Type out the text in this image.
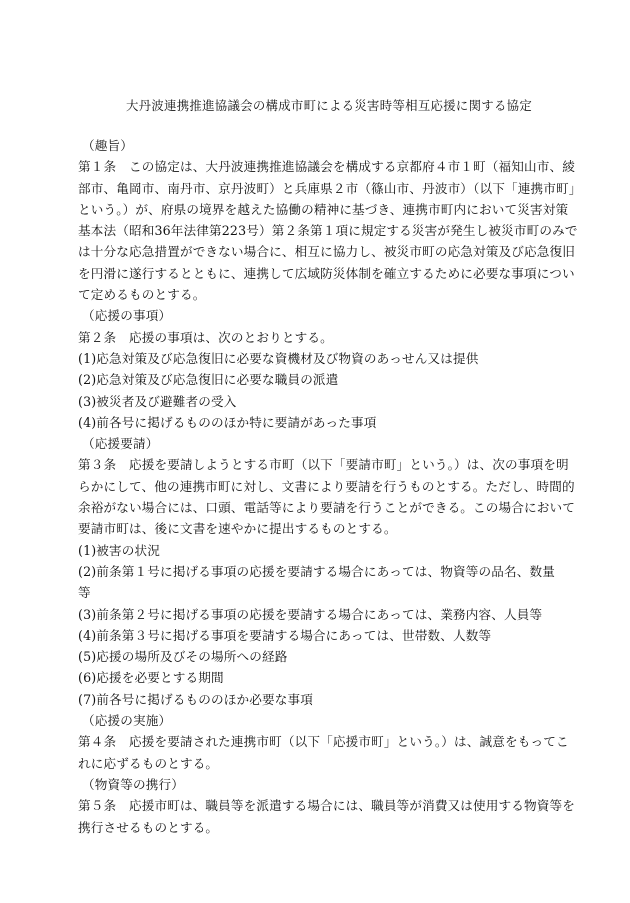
大丹波連携推進協議会の構成市町による災害時等相互応援に関する協定
（趣旨）
第１条　この協定は、大丹波連携推進協議会を構成する京都府４市１町（福知山市、綾
部市、亀岡市、南丹市、京丹波町）と兵庫県２市（篠山市、丹波市）（以下「連携市町」
という。）が、府県の境界を越えた協働の精神に基づき、連携市町内において災害対策
基本法（昭和36年法律第223号）第２条第１項に規定する災害が発生し被災市町のみで
は十分な応急措置ができない場合に、相互に協力し、被災市町の応急対策及び応急復旧
を円滑に遂行するとともに、連携して広域防災体制を確立するために必要な事項につい
て定めるものとする。
（応援の事項）
第２条　応援の事項は、次のとおりとする。
(1)応急対策及び応急復旧に必要な資機材及び物資のあっせん又は提供
(2)応急対策及び応急復旧に必要な職員の派遣
(3)被災者及び避難者の受入
(4)前各号に掲げるもののほか特に要請があった事項
（応援要請）
第３条　応援を要請しようとする市町（以下「要請市町」という。）は、次の事項を明
らかにして、他の連携市町に対し、文書により要請を行うものとする。ただし、時間的
余裕がない場合には、口頭、電話等により要請を行うことができる。この場合において
要請市町は、後に文書を速やかに提出するものとする。
(1)被害の状況
(2)前条第１号に掲げる事項の応援を要請する場合にあっては、物資等の品名、数量
等
(3)前条第２号に掲げる事項の応援を要請する場合にあっては、業務内容、人員等
(4)前条第３号に掲げる事項を要請する場合にあっては、世帯数、人数等
(5)応援の場所及びその場所への経路
(6)応援を必要とする期間
(7)前各号に掲げるもののほか必要な事項
（応援の実施）
第４条　応援を要請された連携市町（以下「応援市町」という。）は、誠意をもってこ
れに応ずるものとする。
（物資等の携行）
第５条　応援市町は、職員等を派遣する場合には、職員等が消費又は使用する物資等を
携行させるものとする。
